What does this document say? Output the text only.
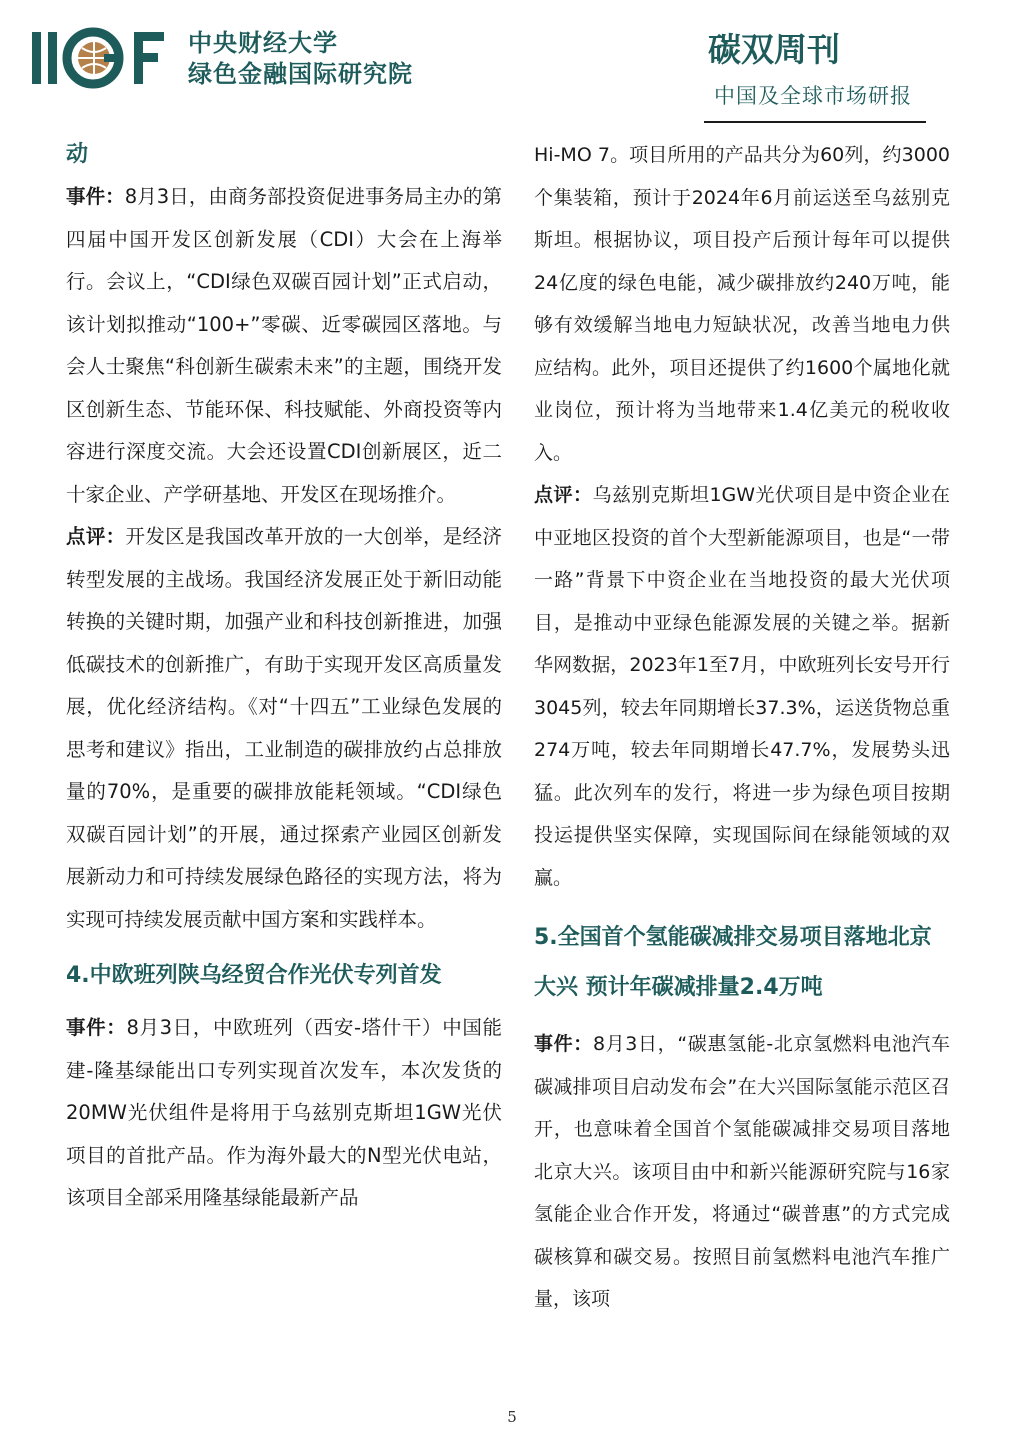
中央财经大学
绿色金融国际研究院
碳双周刊
中国及全球市场研报
动

事件：8月3日，由商务部投资促进事务局主办的第四届中国开发区创新发展（CDI）大会在上海举行。会议上，“CDI绿色双碳百园计划”正式启动，该计划拟推动“100+”零碳、近零碳园区落地。与会人士聚焦“科创新生碳索未来”的主题，围绕开发区创新生态、节能环保、科技赋能、外商投资等内容进行深度交流。大会还设置CDI创新展区，近二十家企业、产学研基地、开发区在现场推介。

点评：开发区是我国改革开放的一大创举，是经济转型发展的主战场。我国经济发展正处于新旧动能转换的关键时期，加强产业和科技创新推进，加强低碳技术的创新推广，有助于实现开发区高质量发展，优化经济结构。《对“十四五”工业绿色发展的思考和建议》指出，工业制造的碳排放约占总排放量的70%，是重要的碳排放能耗领域。“CDI绿色双碳百园计划”的开展，通过探索产业园区创新发展新动力和可持续发展绿色路径的实现方法，将为实现可持续发展贡献中国方案和实践样本。

4.中欧班列陕乌经贸合作光伏专列首发

事件：8月3日，中欧班列（西安-塔什干）中国能建-隆基绿能出口专列实现首次发车，本次发货的20MW光伏组件是将用于乌兹别克斯坦1GW光伏项目的首批产品。作为海外最大的N型光伏电站，该项目全部采用隆基绿能最新产品

Hi-MO 7。项目所用的产品共分为60列，约3000个集装箱，预计于2024年6月前运送至乌兹别克斯坦。根据协议，项目投产后预计每年可以提供24亿度的绿色电能，减少碳排放约240万吨，能够有效缓解当地电力短缺状况，改善当地电力供应结构。此外，项目还提供了约1600个属地化就业岗位，预计将为当地带来1.4亿美元的税收收入。

点评：乌兹别克斯坦1GW光伏项目是中资企业在中亚地区投资的首个大型新能源项目，也是“一带一路”背景下中资企业在当地投资的最大光伏项目，是推动中亚绿色能源发展的关键之举。据新华网数据，2023年1至7月，中欧班列长安号开行3045列，较去年同期增长37.3%，运送货物总重274万吨，较去年同期增长47.7%，发展势头迅猛。此次列车的发行，将进一步为绿色项目按期投运提供坚实保障，实现国际间在绿能领域的双赢。

5.全国首个氢能碳减排交易项目落地北京大兴 预计年碳减排量2.4万吨

事件：8月3日，“碳惠氢能-北京氢燃料电池汽车碳减排项目启动发布会”在大兴国际氢能示范区召开，也意味着全国首个氢能碳减排交易项目落地北京大兴。该项目由中和新兴能源研究院与16家氢能企业合作开发，将通过“碳普惠”的方式完成碳核算和碳交易。按照目前氢燃料电池汽车推广量，该项

5
